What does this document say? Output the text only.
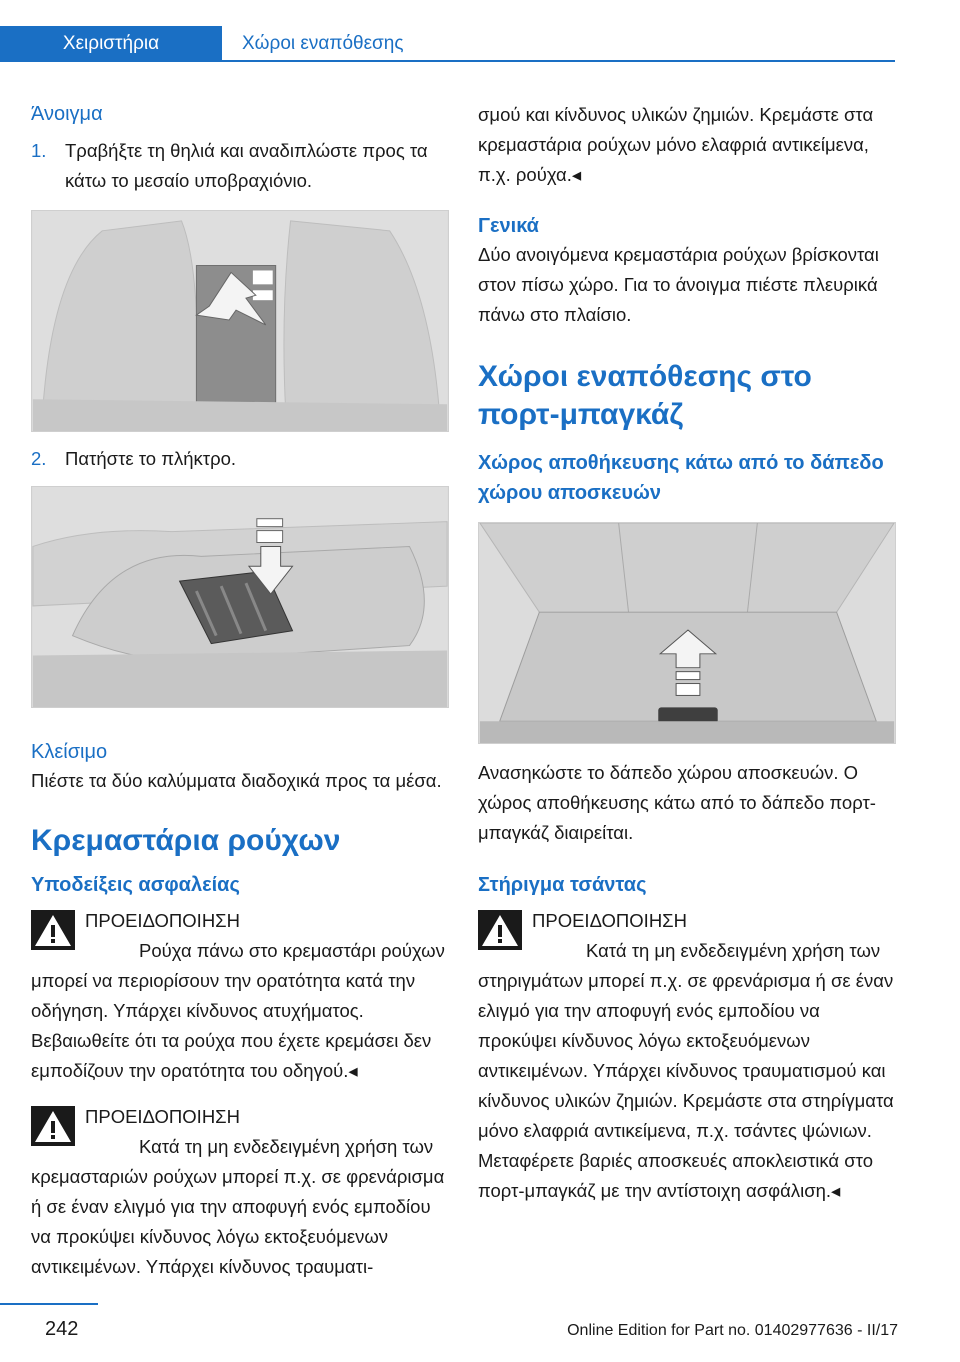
Χειριστήρια	Χώροι εναπόθεσης
Άνοιγμα
1.	Τραβήξτε τη θηλιά και αναδιπλώστε προς τα κάτω το μεσαίο υποβραχιόνιο.
2.	Πατήστε το πλήκτρο.
Κλείσιμο

Πιέστε τα δύο καλύμματα διαδοχικά προς τα μέσα.

Κρεμαστάρια ρούχων
Υποδείξεις ασφαλείας
ΠΡΟΕΙΔΟΠΟΙΗΣΗ

Ρούχα πάνω στο κρεμαστάρι ρούχων μπορεί να περιορίσουν την ορατότητα κατά την οδήγηση. Υπάρχει κίνδυνος ατυχήματος. Βεβαιωθείτε ότι τα ρούχα που έχετε κρεμάσει δεν εμποδίζουν την ορατότητα του οδηγού.◂

ΠΡΟΕΙΔΟΠΟΙΗΣΗ

Κατά τη μη ενδεδειγμένη χρήση των κρεμασταριών ρούχων μπορεί π.χ. σε φρενάρισμα ή σε έναν ελιγμό για την αποφυγή ενός εμποδίου να προκύψει κίνδυνος λόγω εκτοξευόμενων αντικειμένων. Υπάρχει κίνδυνος τραυματι-

σμού και κίνδυνος υλικών ζημιών. Κρεμάστε στα κρεμαστάρια ρούχων μόνο ελαφριά αντικείμενα, π.χ. ρούχα.◂

Γενικά

Δύο ανοιγόμενα κρεμαστάρια ρούχων βρίσκονται στον πίσω χώρο. Για το άνοιγμα πιέστε πλευρικά πάνω στο πλαίσιο.

Χώροι εναπόθεσης στο πορτ-μπαγκάζ
Χώρος αποθήκευσης κάτω από το δάπεδο χώρου αποσκευών

Ανασηκώστε το δάπεδο χώρου αποσκευών. Ο χώρος αποθήκευσης κάτω από το δάπεδο πορτ-μπαγκάζ διαιρείται.

Στήριγμα τσάντας
ΠΡΟΕΙΔΟΠΟΙΗΣΗ

Κατά τη μη ενδεδειγμένη χρήση των στηριγμάτων μπορεί π.χ. σε φρενάρισμα ή σε έναν ελιγμό για την αποφυγή ενός εμποδίου να προκύψει κίνδυνος λόγω εκτοξευόμενων αντικειμένων. Υπάρχει κίνδυνος τραυματισμού και κίνδυνος υλικών ζημιών. Κρεμάστε στα στηρίγματα μόνο ελαφριά αντικείμενα, π.χ. τσάντες ψώνιων. Μεταφέρετε βαριές αποσκευές αποκλειστικά στο πορτ-μπαγκάζ με την αντίστοιχη ασφάλιση.◂

242	Online Edition for Part no. 01402977636 - II/17
